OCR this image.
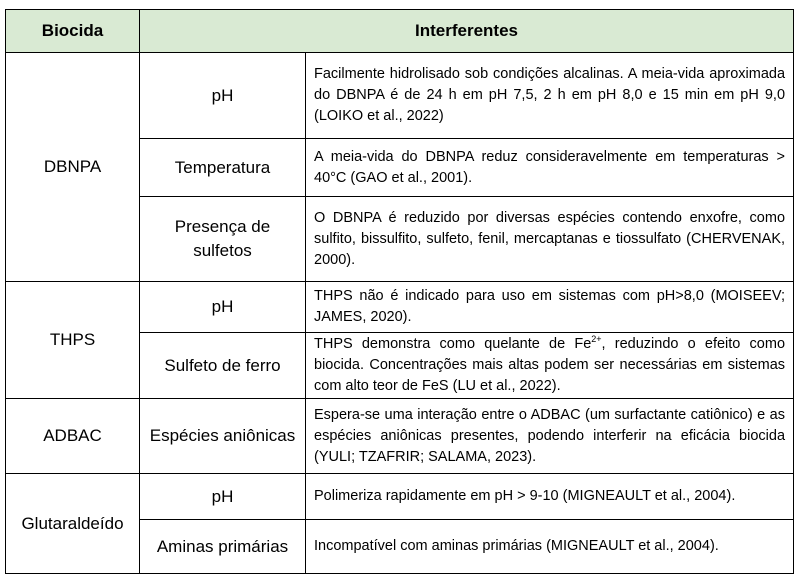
Biocida	Interferentes	
DBNPA	pH	Facilmente hidrolisado sob condições alcalinas. A meia-vida aproximada do DBNPA é de 24 h em pH 7,5, 2 h em pH 8,0 e 15 min em pH 9,0 (LOIKO et al., 2022)
	Temperatura	A meia-vida do DBNPA reduz consideravelmente em temperaturas > 40°C (GAO et al., 2001).
	Presença de sulfetos	O DBNPA é reduzido por diversas espécies contendo enxofre, como sulfito, bissulfito, sulfeto, fenil, mercaptanas e tiossulfato (CHERVENAK, 2000).
THPS	pH	THPS não é indicado para uso em sistemas com pH>8,0 (MOISEEV; JAMES, 2020).
	Sulfeto de ferro	THPS demonstra como quelante de $Fe^{2+}$, reduzindo o efeito como biocida. Concentrações mais altas podem ser necessárias em sistemas com alto teor de FeS (LU et al., 2022).
ADBAC	Espécies aniônicas	Espera-se uma interação entre o ADBAC (um surfactante catiônico) e as espécies aniônicas presentes, podendo interferir na eficácia biocida (YULI; TZAFRIR; SALAMA, 2023).
Glutaraldeído	pH	Polimeriza rapidamente em pH > 9-10 (MIGNEAULT et al., 2004).
	Aminas primárias	Incompatível com aminas primárias (MIGNEAULT et al., 2004).
